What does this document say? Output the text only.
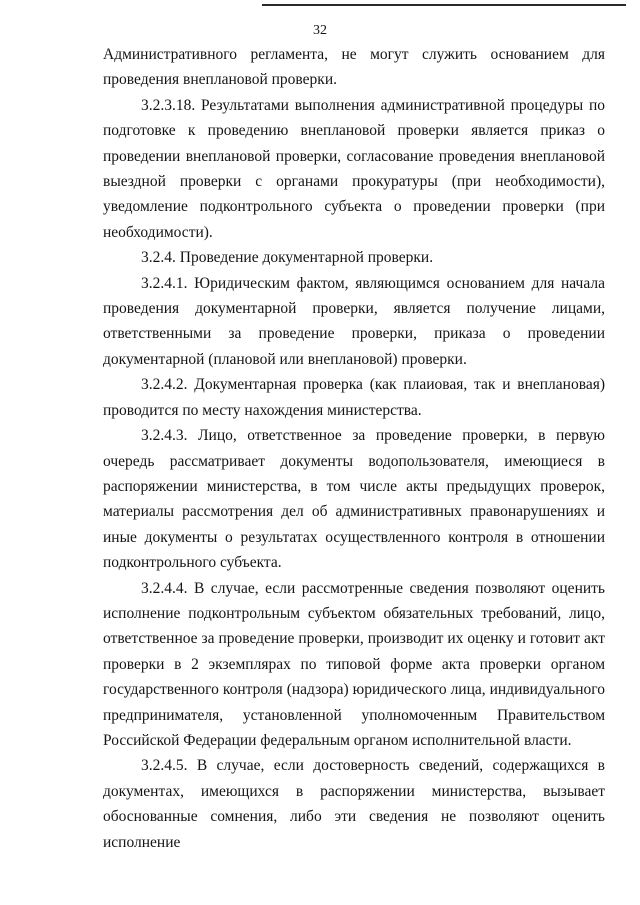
32

Административного регламента, не могут служить основанием для проведения внеплановой проверки.

3.2.3.18. Результатами выполнения административной процедуры по подготовке к проведению внеплановой проверки является приказ о проведении внеплановой проверки, согласование проведения внеплановой выездной проверки с органами прокуратуры (при необходимости), уведомление подконтрольного субъекта о проведении проверки (при необходимости).

3.2.4. Проведение документарной проверки.

3.2.4.1. Юридическим фактом, являющимся основанием для начала проведения документарной проверки, является получение лицами, ответственными за проведение проверки, приказа о проведении документарной (плановой или внеплановой) проверки.

3.2.4.2. Документарная проверка (как плаиовая, так и внеплановая) проводится по месту нахождения министерства.

3.2.4.3. Лицо, ответственное за проведение проверки, в первую очередь рассматривает документы водопользователя, имеющиеся в распоряжении министерства, в том числе акты предыдущих проверок, материалы рассмотрения дел об административных правонарушениях и иные документы о результатах осуществленного контроля в отношении подконтрольного субъекта.

3.2.4.4. В случае, если рассмотренные сведения позволяют оценить исполнение подконтрольным субъектом обязательных требований, лицо, ответственное за проведение проверки, производит их оценку и готовит акт проверки в 2 экземплярах по типовой форме акта проверки органом государственного контроля (надзора) юридического лица, индивидуального предпринимателя, установленной уполномоченным Правительством Российской Федерации федеральным органом исполнительной власти.

3.2.4.5. В случае, если достоверность сведений, содержащихся в документах, имеющихся в распоряжении министерства, вызывает обоснованные сомнения, либо эти сведения не позволяют оценить исполнение
